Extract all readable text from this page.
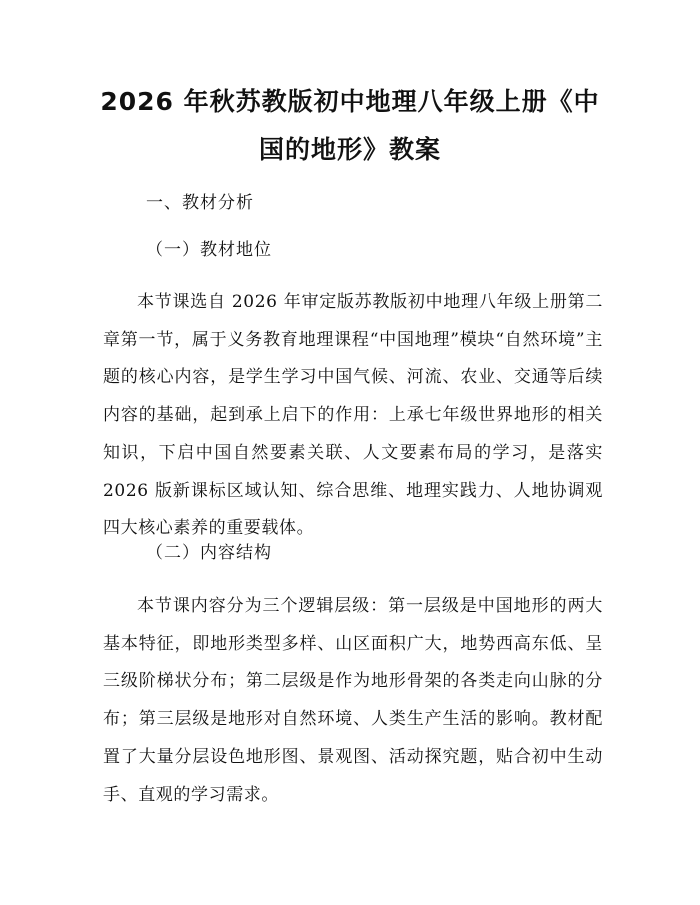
2026 年秋苏教版初中地理八年级上册《中国的地形》教案

一、教材分析

（一）教材地位

本节课选自 2026 年审定版苏教版初中地理八年级上册第二章第一节，属于义务教育地理课程“中国地理”模块“自然环境”主题的核心内容，是学生学习中国气候、河流、农业、交通等后续内容的基础，起到承上启下的作用：上承七年级世界地形的相关知识，下启中国自然要素关联、人文要素布局的学习，是落实 2026 版新课标区域认知、综合思维、地理实践力、人地协调观四大核心素养的重要载体。

（二）内容结构

本节课内容分为三个逻辑层级：第一层级是中国地形的两大基本特征，即地形类型多样、山区面积广大，地势西高东低、呈三级阶梯状分布；第二层级是作为地形骨架的各类走向山脉的分布；第三层级是地形对自然环境、人类生产生活的影响。教材配置了大量分层设色地形图、景观图、活动探究题，贴合初中生动手、直观的学习需求。
